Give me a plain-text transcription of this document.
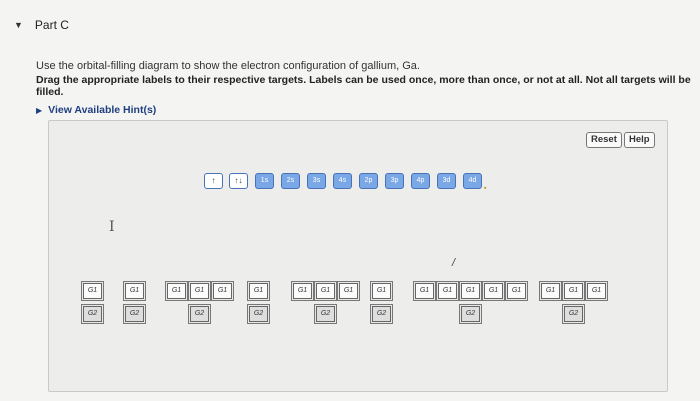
▼ Part C
Use the orbital-filling diagram to show the electron configuration of gallium, Ga.
Drag the appropriate labels to their respective targets. Labels can be used once, more than once, or not at all. Not all targets will be filled.
▶ View Available Hint(s)
Reset	Help
↑	↑↓	1s	2s	3s	4s	2p	3p	4p	3d	4d
▪
I
/
G1
G2
G1
G2
G1	G1	G1
G2
G1
G2
G1	G1	G1
G2
G1
G2
G1	G1	G1	G1	G1
G2
G1	G1	G1
G2
